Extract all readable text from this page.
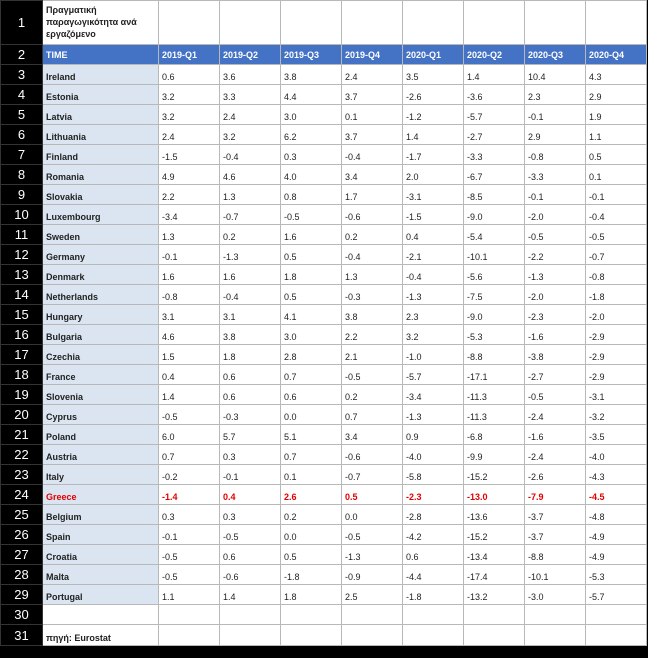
1	Πραγματική παραγωγικότητα ανά εργαζόμενο								
2	TIME	2019-Q1	2019-Q2	2019-Q3	2019-Q4	2020-Q1	2020-Q2	2020-Q3	2020-Q4
3	Ireland	0.6	3.6	3.8	2.4	3.5	1.4	10.4	4.3
4	Estonia	3.2	3.3	4.4	3.7	-2.6	-3.6	2.3	2.9
5	Latvia	3.2	2.4	3.0	0.1	-1.2	-5.7	-0.1	1.9
6	Lithuania	2.4	3.2	6.2	3.7	1.4	-2.7	2.9	1.1
7	Finland	-1.5	-0.4	0.3	-0.4	-1.7	-3.3	-0.8	0.5
8	Romania	4.9	4.6	4.0	3.4	2.0	-6.7	-3.3	0.1
9	Slovakia	2.2	1.3	0.8	1.7	-3.1	-8.5	-0.1	-0.1
10	Luxembourg	-3.4	-0.7	-0.5	-0.6	-1.5	-9.0	-2.0	-0.4
11	Sweden	1.3	0.2	1.6	0.2	0.4	-5.4	-0.5	-0.5
12	Germany	-0.1	-1.3	0.5	-0.4	-2.1	-10.1	-2.2	-0.7
13	Denmark	1.6	1.6	1.8	1.3	-0.4	-5.6	-1.3	-0.8
14	Netherlands	-0.8	-0.4	0.5	-0.3	-1.3	-7.5	-2.0	-1.8
15	Hungary	3.1	3.1	4.1	3.8	2.3	-9.0	-2.3	-2.0
16	Bulgaria	4.6	3.8	3.0	2.2	3.2	-5.3	-1.6	-2.9
17	Czechia	1.5	1.8	2.8	2.1	-1.0	-8.8	-3.8	-2.9
18	France	0.4	0.6	0.7	-0.5	-5.7	-17.1	-2.7	-2.9
19	Slovenia	1.4	0.6	0.6	0.2	-3.4	-11.3	-0.5	-3.1
20	Cyprus	-0.5	-0.3	0.0	0.7	-1.3	-11.3	-2.4	-3.2
21	Poland	6.0	5.7	5.1	3.4	0.9	-6.8	-1.6	-3.5
22	Austria	0.7	0.3	0.7	-0.6	-4.0	-9.9	-2.4	-4.0
23	Italy	-0.2	-0.1	0.1	-0.7	-5.8	-15.2	-2.6	-4.3
24	Greece	-1.4	0.4	2.6	0.5	-2.3	-13.0	-7.9	-4.5
25	Belgium	0.3	0.3	0.2	0.0	-2.8	-13.6	-3.7	-4.8
26	Spain	-0.1	-0.5	0.0	-0.5	-4.2	-15.2	-3.7	-4.9
27	Croatia	-0.5	0.6	0.5	-1.3	0.6	-13.4	-8.8	-4.9
28	Malta	-0.5	-0.6	-1.8	-0.9	-4.4	-17.4	-10.1	-5.3
29	Portugal	1.1	1.4	1.8	2.5	-1.8	-13.2	-3.0	-5.7
30									
31	πηγή: Eurostat								
